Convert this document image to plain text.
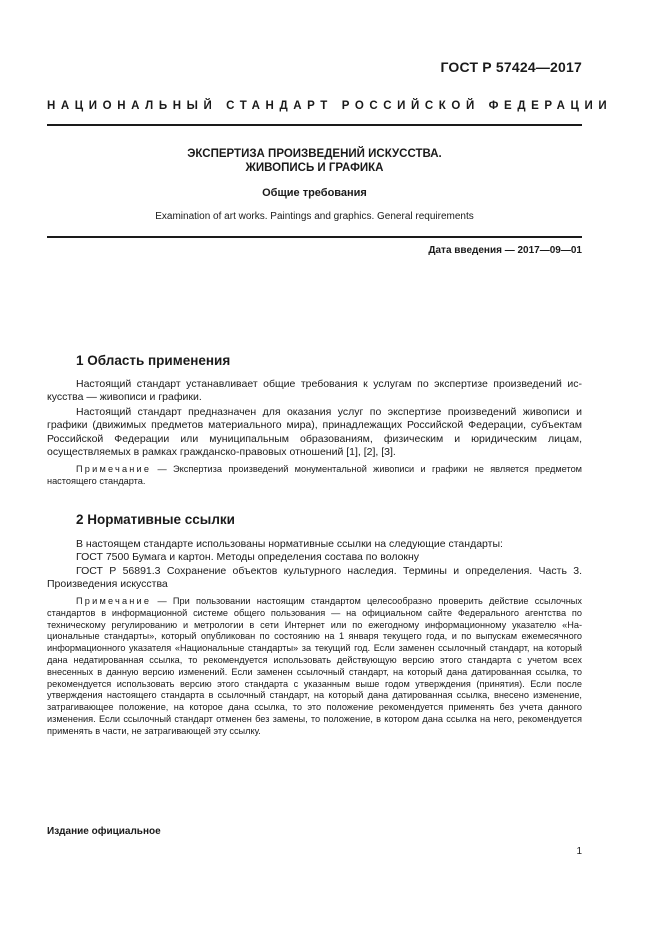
ГОСТ Р 57424—2017
НАЦИОНАЛЬНЫЙ СТАНДАРТ РОССИЙСКОЙ ФЕДЕРАЦИИ
ЭКСПЕРТИЗА ПРОИЗВЕДЕНИЙ ИСКУССТВА.
ЖИВОПИСЬ И ГРАФИКА
Общие требования
Examination of art works. Paintings and graphics. General requirements
Дата введения — 2017—09—01
1 Область применения
Настоящий стандарт устанавливает общие требования к услугам по экспертизе произведений искусства — живописи и графики.
Настоящий стандарт предназначен для оказания услуг по экспертизе произведений живописи и графики (движимых предметов материального мира), принадлежащих Российской Федерации, субъектам Российской Федерации или муниципальным образованиям, физическим и юридическим лицам, осуществляемых в рамках гражданско-правовых отношений [1], [2], [3].
Примечание — Экспертиза произведений монументальной живописи и графики не является предметом настоящего стандарта.
2 Нормативные ссылки
В настоящем стандарте использованы нормативные ссылки на следующие стандарты:
ГОСТ 7500 Бумага и картон. Методы определения состава по волокну
ГОСТ Р 56891.3 Сохранение объектов культурного наследия. Термины и определения. Часть 3. Произведения искусства
Примечание — При пользовании настоящим стандартом целесообразно проверить действие ссылочных стандартов в информационной системе общего пользования — на официальном сайте Федерального агентства по техническому регулированию и метрологии в сети Интернет или по ежегодному информационному указателю «Национальные стандарты», который опубликован по состоянию на 1 января текущего года, и по выпускам ежемесячного информационного указателя «Национальные стандарты» за текущий год. Если заменен ссылочный стандарт, на который дана недатированная ссылка, то рекомендуется использовать действующую версию этого стандарта с учетом всех внесенных в данную версию изменений. Если заменен ссылочный стандарт, на который дана датированная ссылка, то рекомендуется использовать версию этого стандарта с указанным выше годом утверждения (принятия). Если после утверждения настоящего стандарта в ссылочный стандарт, на который дана датированная ссылка, внесено изменение, затрагивающее положение, на которое дана ссылка, то это положение рекомендуется применять без учета данного изменения. Если ссылочный стандарт отменен без замены, то положение, в котором дана ссылка на него, рекомендуется применять в части, не затрагивающей эту ссылку.
Издание официальное
1
